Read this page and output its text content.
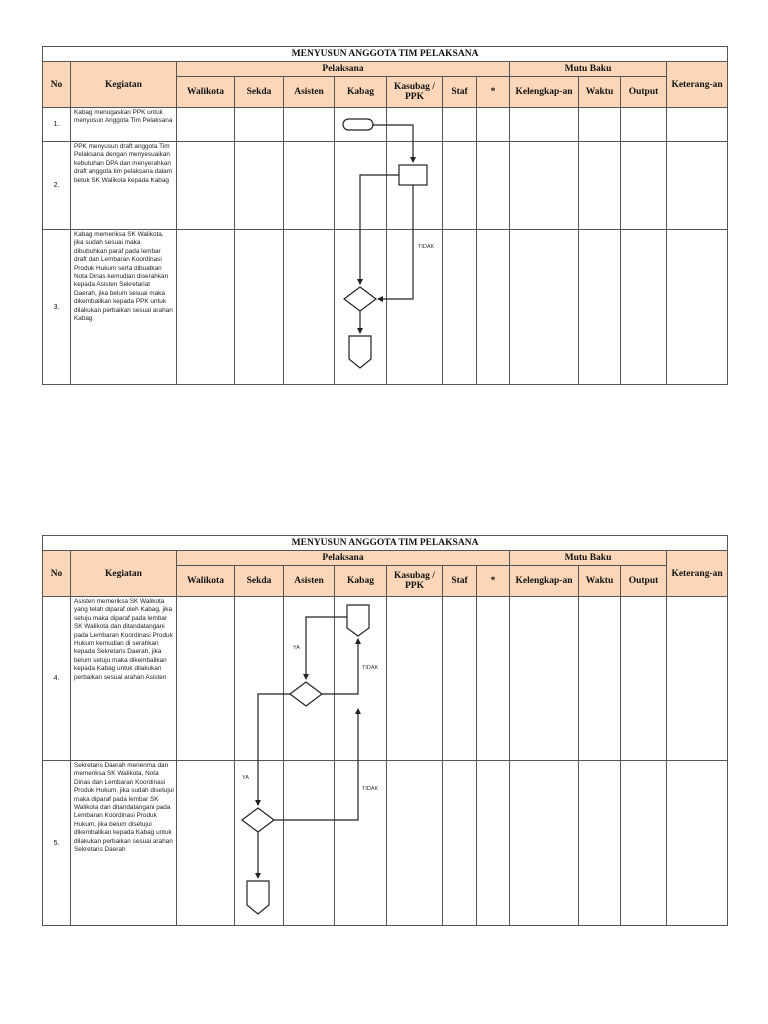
MENYUSUN ANGGOTA TIM PELAKSANA												
No	Kegiatan	Pelaksana							Mutu Baku			Keterang-an
		Walikota	Sekda	Asisten	Kabag	Kasubag / PPK	Staf	*	Kelengkap-an	Waktu	Output	
1.	Kabag menugaskan PPK untuk menyusun Anggota Tim Pelaksana											
2.	PPK menyusun draft anggota Tim Pelaksana dengan menyesuaikan kebutuhan DPA dan menyerahkan draft anggota tim pelaksana dalam betuk SK Walikota kepada Kabag											
3.	Kabag memeriksa SK Walikota, jika sudah sesuai maka dibubuhkan paraf pada lembar draft dan Lembaran Koordinasi Produk Hukum serta dibuatkan Nota Dinas kemudian diserahkan kepada Asisten Sekretariat Daerah, jika belum sesuai maka dikembalikan kepada PPK untuk dilakukan perbaikan sesuai arahan Kabag											
MENYUSUN ANGGOTA TIM PELAKSANA												
No	Kegiatan	Pelaksana							Mutu Baku			Keterang-an
		Walikota	Sekda	Asisten	Kabag	Kasubag / PPK	Staf	*	Kelengkap-an	Waktu	Output	
4.	Asisten memeriksa SK Walikota yang telah diparaf oleh Kabag, jika setuju maka diparaf pada lembar SK Walikota dan ditandatangani pada Lembaran Koordinasi Produk Hukum kemudian di serahkan kepada Sekretaris Daerah, jika belum setuju maka dikembalikan kepada Kabag untuk dilakukan perbaikan sesuai arahan Asisten											
5.	Sekretaris Daerah menerima dan memeriksa SK Walikota, Nota Dinas dan Lembaran Koordinasi Produk Hukum, jika sudah disetujui maka diparaf pada lembar SK Walikota dan ditandatangani pada Lembaran Koordinasi Produk Hukum, jika belum disetujui dikembalikan kepada Kabag untuk dilakukan perbaikan sesuai arahan Sekretaris Daerah											
TIDAK
YA
TIDAK
YA
TIDAK
